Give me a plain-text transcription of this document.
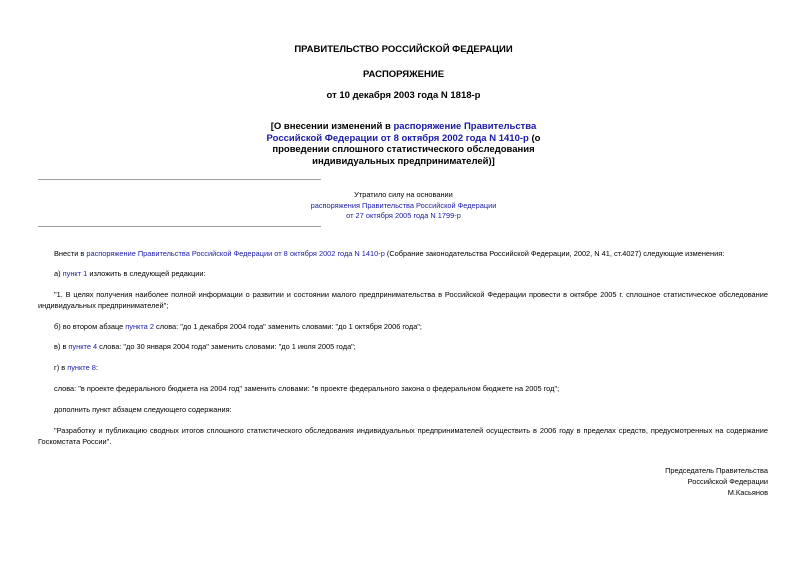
ПРАВИТЕЛЬСТВО РОССИЙСКОЙ ФЕДЕРАЦИИ
РАСПОРЯЖЕНИЕ
от 10 декабря 2003 года N 1818-р
[О внесении изменений в распоряжение Правительства
Российской Федерации от 8 октября 2002 года N 1410-р (о
проведении сплошного статистического обследования
индивидуальных предпринимателей)]
Утратило силу на основании
распоряжения Правительства Российской Федерации
от 27 октября 2005 года N 1799-р
Внести в распоряжение Правительства Российской Федерации от 8 октября 2002 года N 1410-р (Собрание законодательства Российской Федерации, 2002, N 41, ст.4027) следующие изменения:
а) пункт 1 изложить в следующей редакции:
"1. В целях получения наиболее полной информации о развитии и состоянии малого предпринимательства в Российской Федерации провести в октябре 2005 г. сплошное статистическое обследование индивидуальных предпринимателей";
б) во втором абзаце пункта 2 слова: "до 1 декабря 2004 года" заменить словами: "до 1 октября 2006 года";
в) в пункте 4 слова: "до 30 января 2004 года" заменить словами: "до 1 июля 2005 года";
г) в пункте 8:
слова: "в проекте федерального бюджета на 2004 год" заменить словами: "в проекте федерального закона о федеральном бюджете на 2005 год";
дополнить пункт абзацем следующего содержания:
"Разработку и публикацию сводных итогов сплошного статистического обследования индивидуальных предпринимателей осуществить в 2006 году в пределах средств, предусмотренных на содержание Госкомстата России".
Председатель Правительства
Российской Федерации
М.Касьянов
